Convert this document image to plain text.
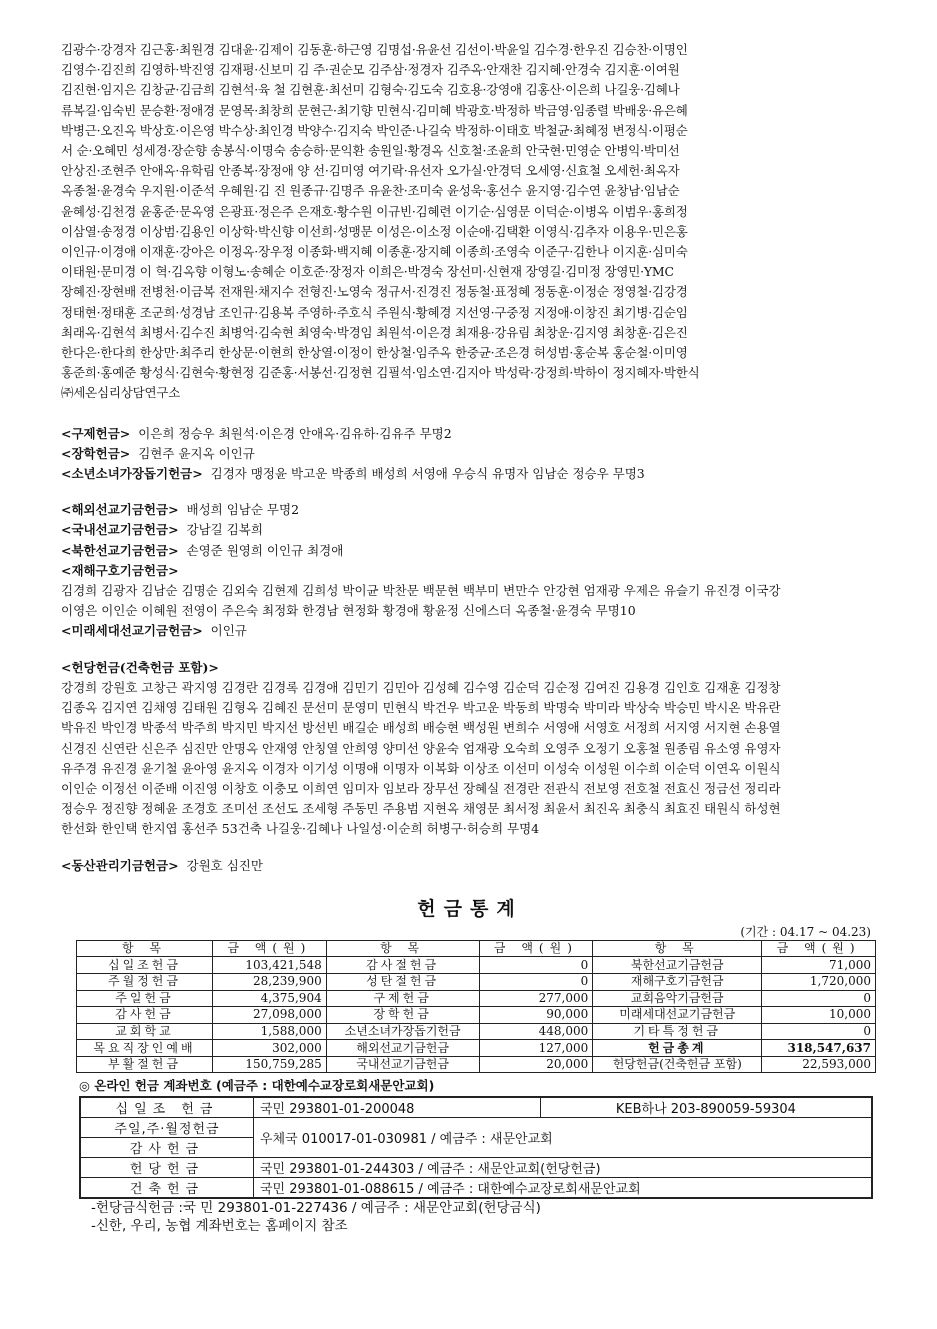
김광수·강경자 김근홍·최원경 김대윤·김제이 김동훈·하근영 김명섭·유윤선 김선이·박윤일 김수경·한우진 김승찬·이명인

김영수·김진희 김영하·박진영 김재평·신보미 김 주·권순모 김주삼·정경자 김주옥·안재찬 김지혜·안경숙 김지훈·이여원

김진현·임지은 김창균·김금희 김현석·육 철 김현훈·최선미 김형숙·김도숙 김호용·강영애 김홍산·이은희 나길웅·김혜나

류복길·임숙빈 문승환·정애경 문영목·최창희 문현근·최기향 민현식·김미혜 박광호·박정하 박금영·임종렬 박배웅·유은혜

박병근·오진옥 박상호·이은영 박수상·최인경 박양수·김지숙 박인준·나길숙 박정하·이태호 박철균·최혜정 변정식·이평순

서 순·오혜민 성세경·장순향 송봉식·이명숙 송승하·문익환 송원일·황경옥 신호철·조윤희 안국현·민영순 안병익·박미선

안상진·조현주 안애옥·유학림 안종복·장정애 양 선·김미영 여기락·유선자 오가실·안경덕 오세영·신효철 오세헌·최옥자

옥종철·윤경숙 우지원·이준석 우혜원·김 진 원종규·김명주 유윤찬·조미숙 윤성욱·홍선수 윤지영·김수연 윤창남·임남순

윤혜성·김천경 윤홍준·문옥영 은광표·정은주 은재호·황수원 이규빈·김혜련 이기순·심영문 이덕순·이병옥 이범우·홍희정

이삼열·송정경 이상범·김용인 이상학·박신향 이선희·성맹문 이성은·이소정 이순애·김택환 이영식·김추자 이용우·민은홍

이인규·이경애 이재훈·강아은 이정옥·장우정 이종화·백지혜 이종훈·장지혜 이종희·조영숙 이준구·김한나 이지훈·심미숙

이태원·문미경 이 혁·김옥향 이형노·송혜순 이호준·장정자 이희은·박경숙 장선미·신현재 장영길·김미정 장영민·YMC

장혜진·장현배 전병천·이금복 전재원·채지수 전형진·노영숙 정규서·진경진 정동철·표정혜 정동훈·이정순 정영철·김강경

정태현·정태훈 조군희·성경남 조인규·김용복 주영하·주호식 주원식·황혜경 지선영·구중정 지정애·이창진 최기병·김순임

최래옥·김현석 최병서·김수진 최병억·김숙현 최영숙·박경임 최원석·이은경 최재용·강유림 최창운·김지영 최창훈·김은진

한다은·한다희 한상만·최주리 한상문·이현희 한상열·이정이 한상철·임주옥 한중균·조은경 허성범·홍순복 홍순철·이미영

홍준희·홍예준 황성식·김현숙·황현정 김준홍·서봉선·김정현 김필석·임소연·김지아 박성락·강정희·박하이 정지혜자·박한식

㈜세온심리상담연구소

<구제헌금> 이은희 정승우 최원석·이은경 안애옥·김유하·김유주 무명2
<장학헌금> 김현주 윤지옥 이인규
<소년소녀가장돕기헌금> 김경자 맹정윤 박고운 박종희 배성희 서영애 우승식 유명자 임남순 정승우 무명3
<해외선교기금헌금> 배성희 임남순 무명2
<국내선교기금헌금> 강남길 김복희
<북한선교기금헌금> 손영준 원영희 이인규 최경애
<재해구호기금헌금>
김경희 김광자 김남순 김명순 김외숙 김현제 김희성 박이균 박찬문 백문현 백부미 변만수 안강현 엄재광 우제은 유슬기 유진경 이국강
이영은 이인순 이혜원 전영이 주은숙 최정화 한경남 현정화 황경애 황윤정 신에스더 옥종철·윤경숙 무명10
<미래세대선교기금헌금> 이인규
<헌당헌금(건축헌금 포함)>
강경희 강원호 고창근 곽지영 김경란 김경록 김경애 김민기 김민아 김성혜 김수영 김순덕 김순정 김여진 김용경 김인호 김재훈 김정창
김종옥 김지연 김채영 김태원 김형옥 김혜진 문선미 문영미 민현식 박건우 박고운 박동희 박명숙 박미라 박상숙 박승민 박시온 박유란
박유진 박인경 박종석 박주희 박지민 박지선 방선빈 배길순 배성희 배승현 백성원 변희수 서영애 서영호 서정희 서지영 서지현 손용열
신경진 신연란 신은주 심진만 안명옥 안재영 안칭열 안희영 양미선 양윤숙 엄재광 오숙희 오영주 오정기 오홍철 원종림 유소영 유영자
유주경 유진경 윤기철 윤아영 윤지옥 이경자 이기성 이명애 이명자 이복화 이상조 이선미 이성숙 이성원 이수희 이순덕 이연옥 이원식
이인순 이정선 이준배 이진영 이창호 이충모 이희연 임미자 임보라 장무선 장혜실 전경란 전관식 전보영 전호철 전효신 정금선 정리라
정승우 정진향 정혜윤 조경호 조미선 조선도 조세형 주동민 주용범 지현옥 채영문 최서정 최윤서 최진옥 최충식 최효진 태원식 하성현
한선화 한인택 한지엽 홍선주 53건축 나길웅·김혜나 나일성·이순희 허병구·허승희 무명4
<동산관리기금헌금> 강원호 심진만
헌금통계
(기간 : 04.17 ~ 04.23)
항 목	금 액(원)	항 목	금 액(원)	항 목	금 액(원)
십일조헌금	103,421,548	감사절헌금	0	북한선교기금헌금	71,000
주월정헌금	28,239,900	성탄절헌금	0	재해구호기금헌금	1,720,000
주일헌금	4,375,904	구제헌금	277,000	교회음악기금헌금	0
감사헌금	27,098,000	장학헌금	90,000	미래세대선교기금헌금	10,000
교회학교	1,588,000	소년소녀가장돕기헌금	448,000	기타특정헌금	0
목요직장인예배	302,000	해외선교기금헌금	127,000	헌금총계	318,547,637
부활절헌금	150,759,285	국내선교기금헌금	20,000	헌당헌금(건축헌금 포함)	22,593,000
◎ 온라인 헌금 계좌번호 (예금주 : 대한예수교장로회새문안교회)
십일조 헌금	국민 293801-01-200048	KEB하나 203-890059-59304
주일,주·월정헌금	우체국 010017-01-030981 / 예금주 : 새문안교회	
감사헌금		
헌당헌금	국민 293801-01-244303 / 예금주 : 새문안교회(헌당헌금)	
건축헌금	국민 293801-01-088615 / 예금주 : 대한예수교장로회새문안교회	
-헌당금식헌금 :국 민 293801-01-227436 / 예금주 : 새문안교회(헌당금식)
-신한, 우리, 농협 계좌번호는 홈페이지 참조
